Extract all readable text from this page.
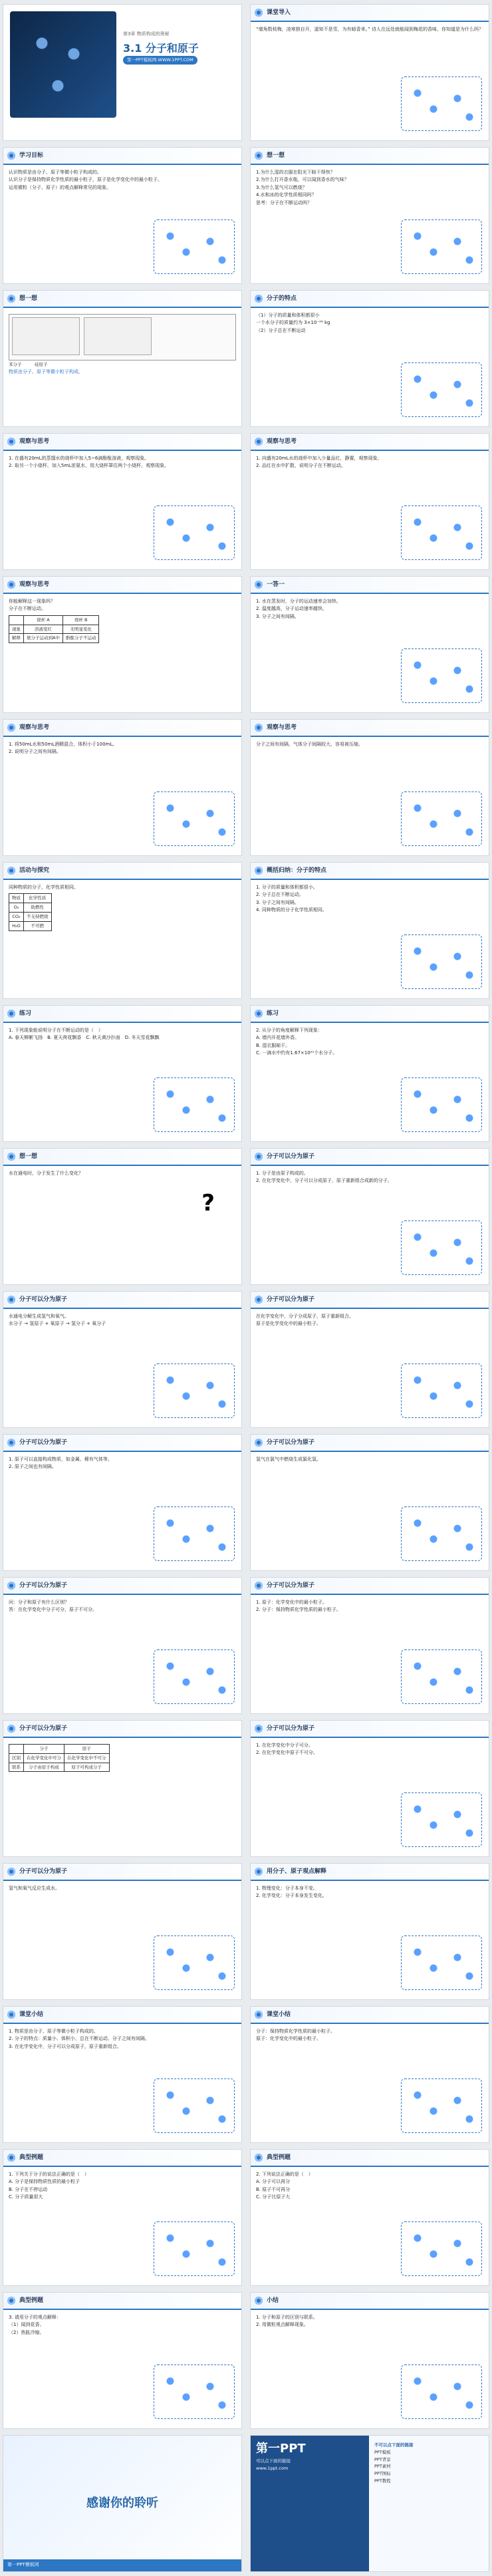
第3章 物质构成的奥秘
3.1 分子和原子
第一PPT模板网-WWW.1PPT.COM
课堂导入
“墙角数枝梅，凌寒独自开，遥知不是雪，为有暗香来。” 诗人在远处就能闻到梅花的香味，你知道是为什么吗？
学习目标
认识物质是由分子、原子等微小粒子构成的。
认识分子是保持物质化学性质的最小粒子，原子是化学变化中的最小粒子。
运用微粒（分子、原子）的观点解释常见的现象。
想一想
1.为什么湿的衣服在阳光下晾干得快？
2.为什么打开香水瓶，可以闻到香水的气味？
3.为什么氢气可以燃烧？
4.水和冰的化学性质相同吗？
思考：分子在不断运动吗？
想一想
苯分子　　　	硅原子
物质由分子、原子等微小粒子构成。
分子的特点
（1）分子的质量和体积都很小
一个水分子的质量约为 3×10⁻²⁶ kg
（2）分子总在不断运动
观察与思考
1. 在盛有20mL的蒸馏水的烧杯中加入5~6滴酚酞溶液，观察现象。
2. 取另一个小烧杯，加入5mL浓氨水，用大烧杯罩住两个小烧杯，观察现象。
观察与思考
1. 向盛有20mL水的烧杯中加入少量品红，静置，观察现象。
2. 品红在水中扩散，说明分子在不断运动。
观察与思考
你能解释这一现象吗？
分子在不断运动。
	烧杯 A	烧杯 B
现象	溶液变红	无明显变化
解释	氨分子运动到A中	酚酞分子不运动
一答一
1. 水在蒸发时，分子的运动速率会加快。
2. 温度越高，分子运动速率越快。
3. 分子之间有间隔。
观察与思考
1. 将50mL水和50mL酒精混合，体积小于100mL。
2. 说明分子之间有间隔。
观察与思考
分子之间有间隔，气体分子间隔较大，容易被压缩。
活动与探究
同种物质的分子，化学性质相同。
物质	化学性质
O₂	助燃性
CO₂	不支持燃烧
H₂O	不可燃
概括归纳：分子的特点
1. 分子的质量和体积都很小。
2. 分子总在不断运动。
3. 分子之间有间隔。
4. 同种物质的分子化学性质相同。
练习
1. 下列现象能说明分子在不断运动的是（　）
A. 春天柳絮飞扬　B. 夏天荷花飘香　C. 秋天黄沙扑面　D. 冬天雪花飘飘
练习
2. 从分子的角度解释下列现象：
A. 墙内开花墙外香。
B. 湿衣服晾干。
C. 一滴水中约有1.67×10²¹个水分子。
想一想
?
水在通电时，分子发生了什么变化？
分子可以分为原子
1. 分子是由原子构成的。
2. 在化学变化中，分子可以分成原子，原子重新组合成新的分子。
分子可以分为原子
水通电分解生成氢气和氧气。
水分子 → 氢原子 + 氧原子 → 氢分子 + 氧分子
分子可以分为原子
在化学变化中，分子分成原子，原子重新组合。
原子是化学变化中的最小粒子。
分子可以分为原子
1. 原子可以直接构成物质，如金属、稀有气体等。
2. 原子之间也有间隔。
分子可以分为原子
氢气在氯气中燃烧生成氯化氢。
分子可以分为原子
问：分子和原子有什么区别？
答：在化学变化中分子可分，原子不可分。
分子可以分为原子
1. 原子：化学变化中的最小粒子。
2. 分子：保持物质化学性质的最小粒子。
分子可以分为原子
	分子	原子
区别	在化学变化中可分	在化学变化中不可分
联系	分子由原子构成	原子可构成分子
分子可以分为原子
1. 在化学变化中分子可分。
2. 在化学变化中原子不可分。
分子可以分为原子
氢气和氧气反应生成水。
用分子、原子观点解释
1. 物理变化：分子本身不变。
2. 化学变化：分子本身发生变化。
课堂小结
1. 物质是由分子、原子等微小粒子构成的。
2. 分子的特点：质量小、体积小、总在不断运动、分子之间有间隔。
3. 在化学变化中，分子可以分成原子，原子重新组合。
课堂小结
分子：保持物质化学性质的最小粒子。
原子：化学变化中的最小粒子。
典型例题
1. 下列关于分子的说法正确的是（　）
A. 分子是保持物质性质的最小粒子
B. 分子在不停运动
C. 分子质量很大
典型例题
2. 下列说法正确的是（　）
A. 分子可以再分
B. 原子不可再分
C. 分子比原子大
典型例题
3. 请用分子的观点解释：
（1）闻到花香。
（2）热胀冷缩。
小结
1. 分子和原子的区别与联系。
2. 用微粒观点解释现象。
感谢你的聆听
第一PPT模板网
第一PPT
可以点下面的链接
www.1ppt.com
不可以点下面的链接
PPT模板
PPT背景
PPT素材
PPT图标
PPT教程
